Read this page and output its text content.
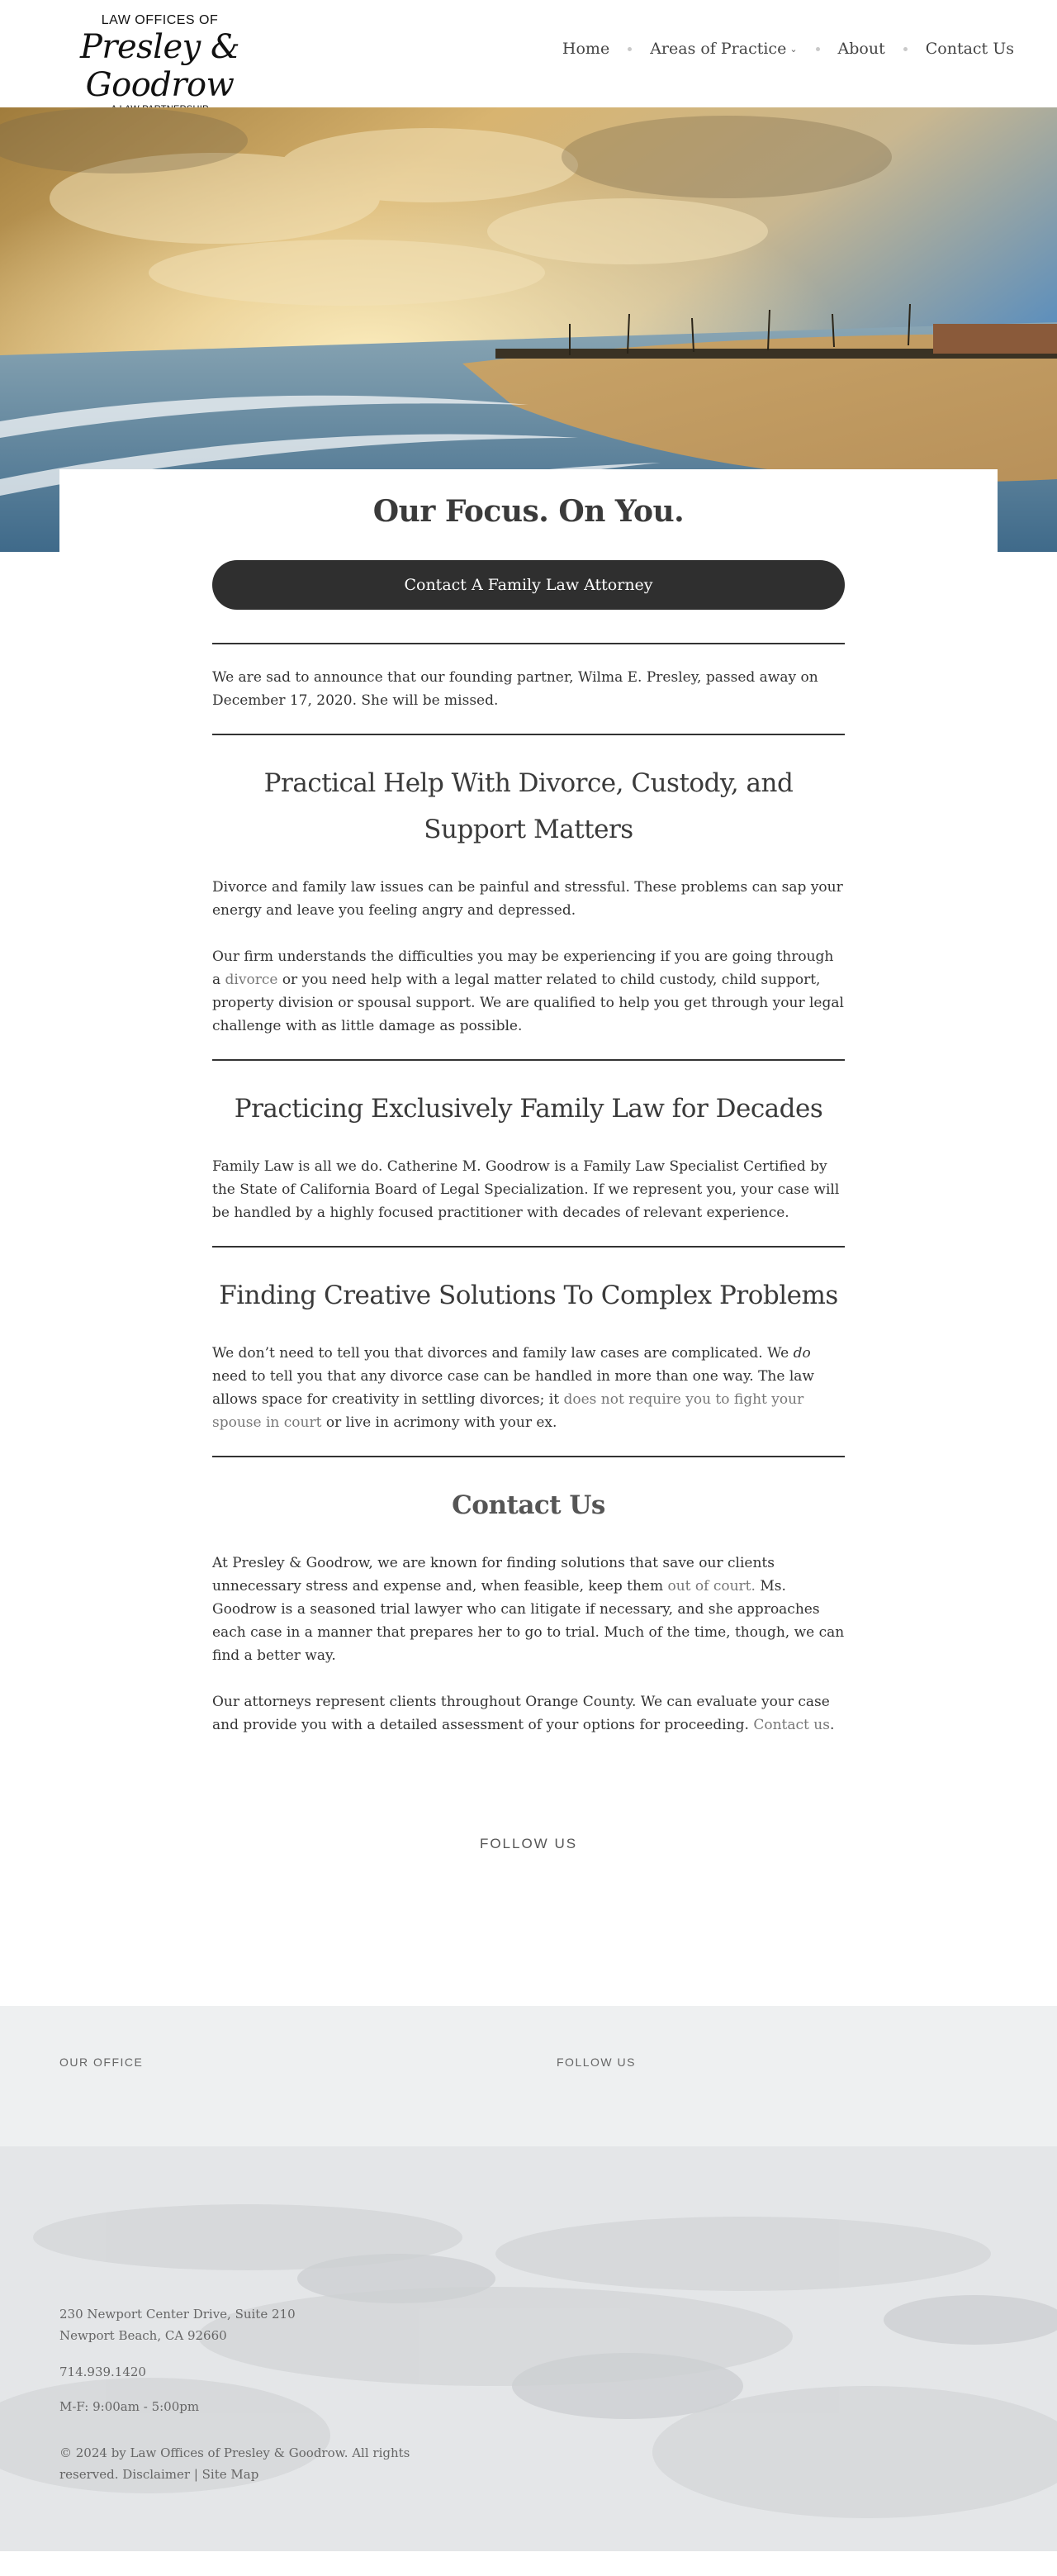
LAW OFFICES OF
Presley & Goodrow
Home	Areas of Practice ⌄	About	Contact Us
Our Focus. On You.
Contact A Family Law Attorney

We are sad to announce that our founding partner, Wilma E. Presley, passed away on December 17, 2020. She will be missed.

Practical Help With Divorce, Custody, and Support Matters

Divorce and family law issues can be painful and stressful. These problems can sap your energy and leave you feeling angry and depressed.

Our firm understands the difficulties you may be experiencing if you are going through a divorce or you need help with a legal matter related to child custody, child support, property division or spousal support. We are qualified to help you get through your legal challenge with as little damage as possible.

Practicing Exclusively Family Law for Decades

Family Law is all we do. Catherine M. Goodrow is a Family Law Specialist Certified by the State of California Board of Legal Specialization. If we represent you, your case will be handled by a highly focused practitioner with decades of relevant experience.

Finding Creative Solutions To Complex Problems

We don’t need to tell you that divorces and family law cases are complicated. We do need to tell you that any divorce case can be handled in more than one way. The law allows space for creativity in settling divorces; it does not require you to fight your spouse in court or live in acrimony with your ex.

Contact Us

At Presley & Goodrow, we are known for finding solutions that save our clients unnecessary stress and expense and, when feasible, keep them out of court. Ms. Goodrow is a seasoned trial lawyer who can litigate if necessary, and she approaches each case in a manner that prepares her to go to trial. Much of the time, though, we can find a better way.

Our attorneys represent clients throughout Orange County. We can evaluate your case and provide you with a detailed assessment of your options for proceeding. Contact us.

FOLLOW US
OUR OFFICE	FOLLOW US
230 Newport Center Drive, Suite 210
Newport Beach, CA 92660
714.939.1420
M-F: 9:00am - 5:00pm
© 2024 by Law Offices of Presley & Goodrow. All rights
reserved. Disclaimer | Site Map
